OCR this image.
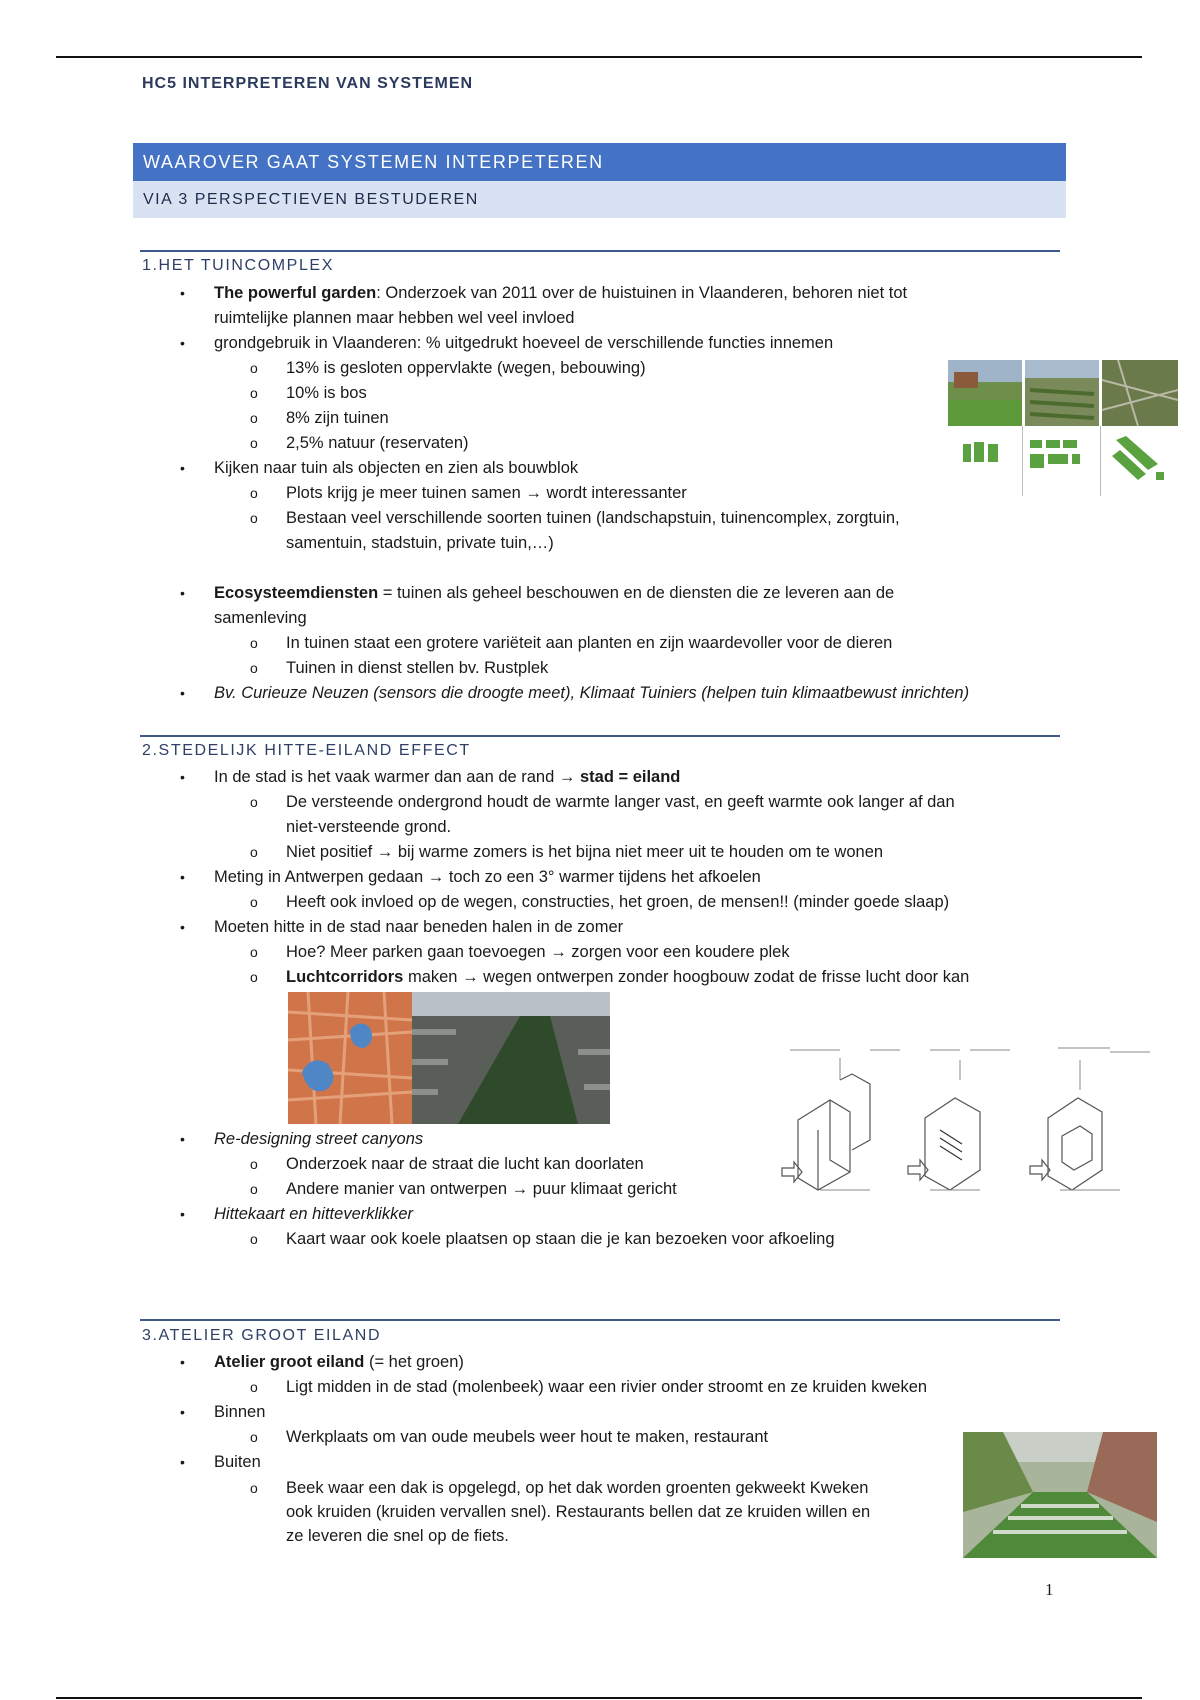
HC5 INTERPRETEREN VAN SYSTEMEN
WAAROVER GAAT SYSTEMEN INTERPETEREN
VIA 3 PERSPECTIEVEN BESTUDEREN
1.HET TUINCOMPLEX
• The powerful garden: Onderzoek van 2011 over de huistuinen in Vlaanderen, behoren niet tot
ruimtelijke plannen maar hebben wel veel invloed
• grondgebruik in Vlaanderen: % uitgedrukt hoeveel de verschillende functies innemen
o 13% is gesloten oppervlakte (wegen, bebouwing)
o 10% is bos
o 8% zijn tuinen
o 2,5% natuur (reservaten)
• Kijken naar tuin als objecten en zien als bouwblok
o Plots krijg je meer tuinen samen → wordt interessanter
o Bestaan veel verschillende soorten tuinen (landschapstuin, tuinencomplex, zorgtuin,
samentuin, stadstuin, private tuin,…)
• Ecosysteemdiensten = tuinen als geheel beschouwen en de diensten die ze leveren aan de
samenleving
o In tuinen staat een grotere variëteit aan planten en zijn waardevoller voor de dieren
o Tuinen in dienst stellen bv. Rustplek
• Bv. Curieuze Neuzen (sensors die droogte meet), Klimaat Tuiniers (helpen tuin klimaatbewust inrichten)
2.STEDELIJK HITTE-EILAND EFFECT
• In de stad is het vaak warmer dan aan de rand → stad = eiland
o De versteende ondergrond houdt de warmte langer vast, en geeft warmte ook langer af dan
niet-versteende grond.
o Niet positief → bij warme zomers is het bijna niet meer uit te houden om te wonen
• Meting in Antwerpen gedaan → toch zo een 3° warmer tijdens het afkoelen
o Heeft ook invloed op de wegen, constructies, het groen, de mensen!! (minder goede slaap)
• Moeten hitte in de stad naar beneden halen in de zomer
o Hoe? Meer parken gaan toevoegen → zorgen voor een koudere plek
o Luchtcorridors maken → wegen ontwerpen zonder hoogbouw zodat de frisse lucht door kan
• Re-designing street canyons
o Onderzoek naar de straat die lucht kan doorlaten
o Andere manier van ontwerpen → puur klimaat gericht
• Hittekaart en hitteverklikker
o Kaart waar ook koele plaatsen op staan die je kan bezoeken voor afkoeling
3.ATELIER GROOT EILAND
• Atelier groot eiland (= het groen)
o Ligt midden in de stad (molenbeek) waar een rivier onder stroomt en ze kruiden kweken
• Binnen
o Werkplaats om van oude meubels weer hout te maken, restaurant
• Buiten
o Beek waar een dak is opgelegd, op het dak worden groenten gekweekt Kweken
ook kruiden (kruiden vervallen snel). Restaurants bellen dat ze kruiden willen en
ze leveren die snel op de fiets.
1
